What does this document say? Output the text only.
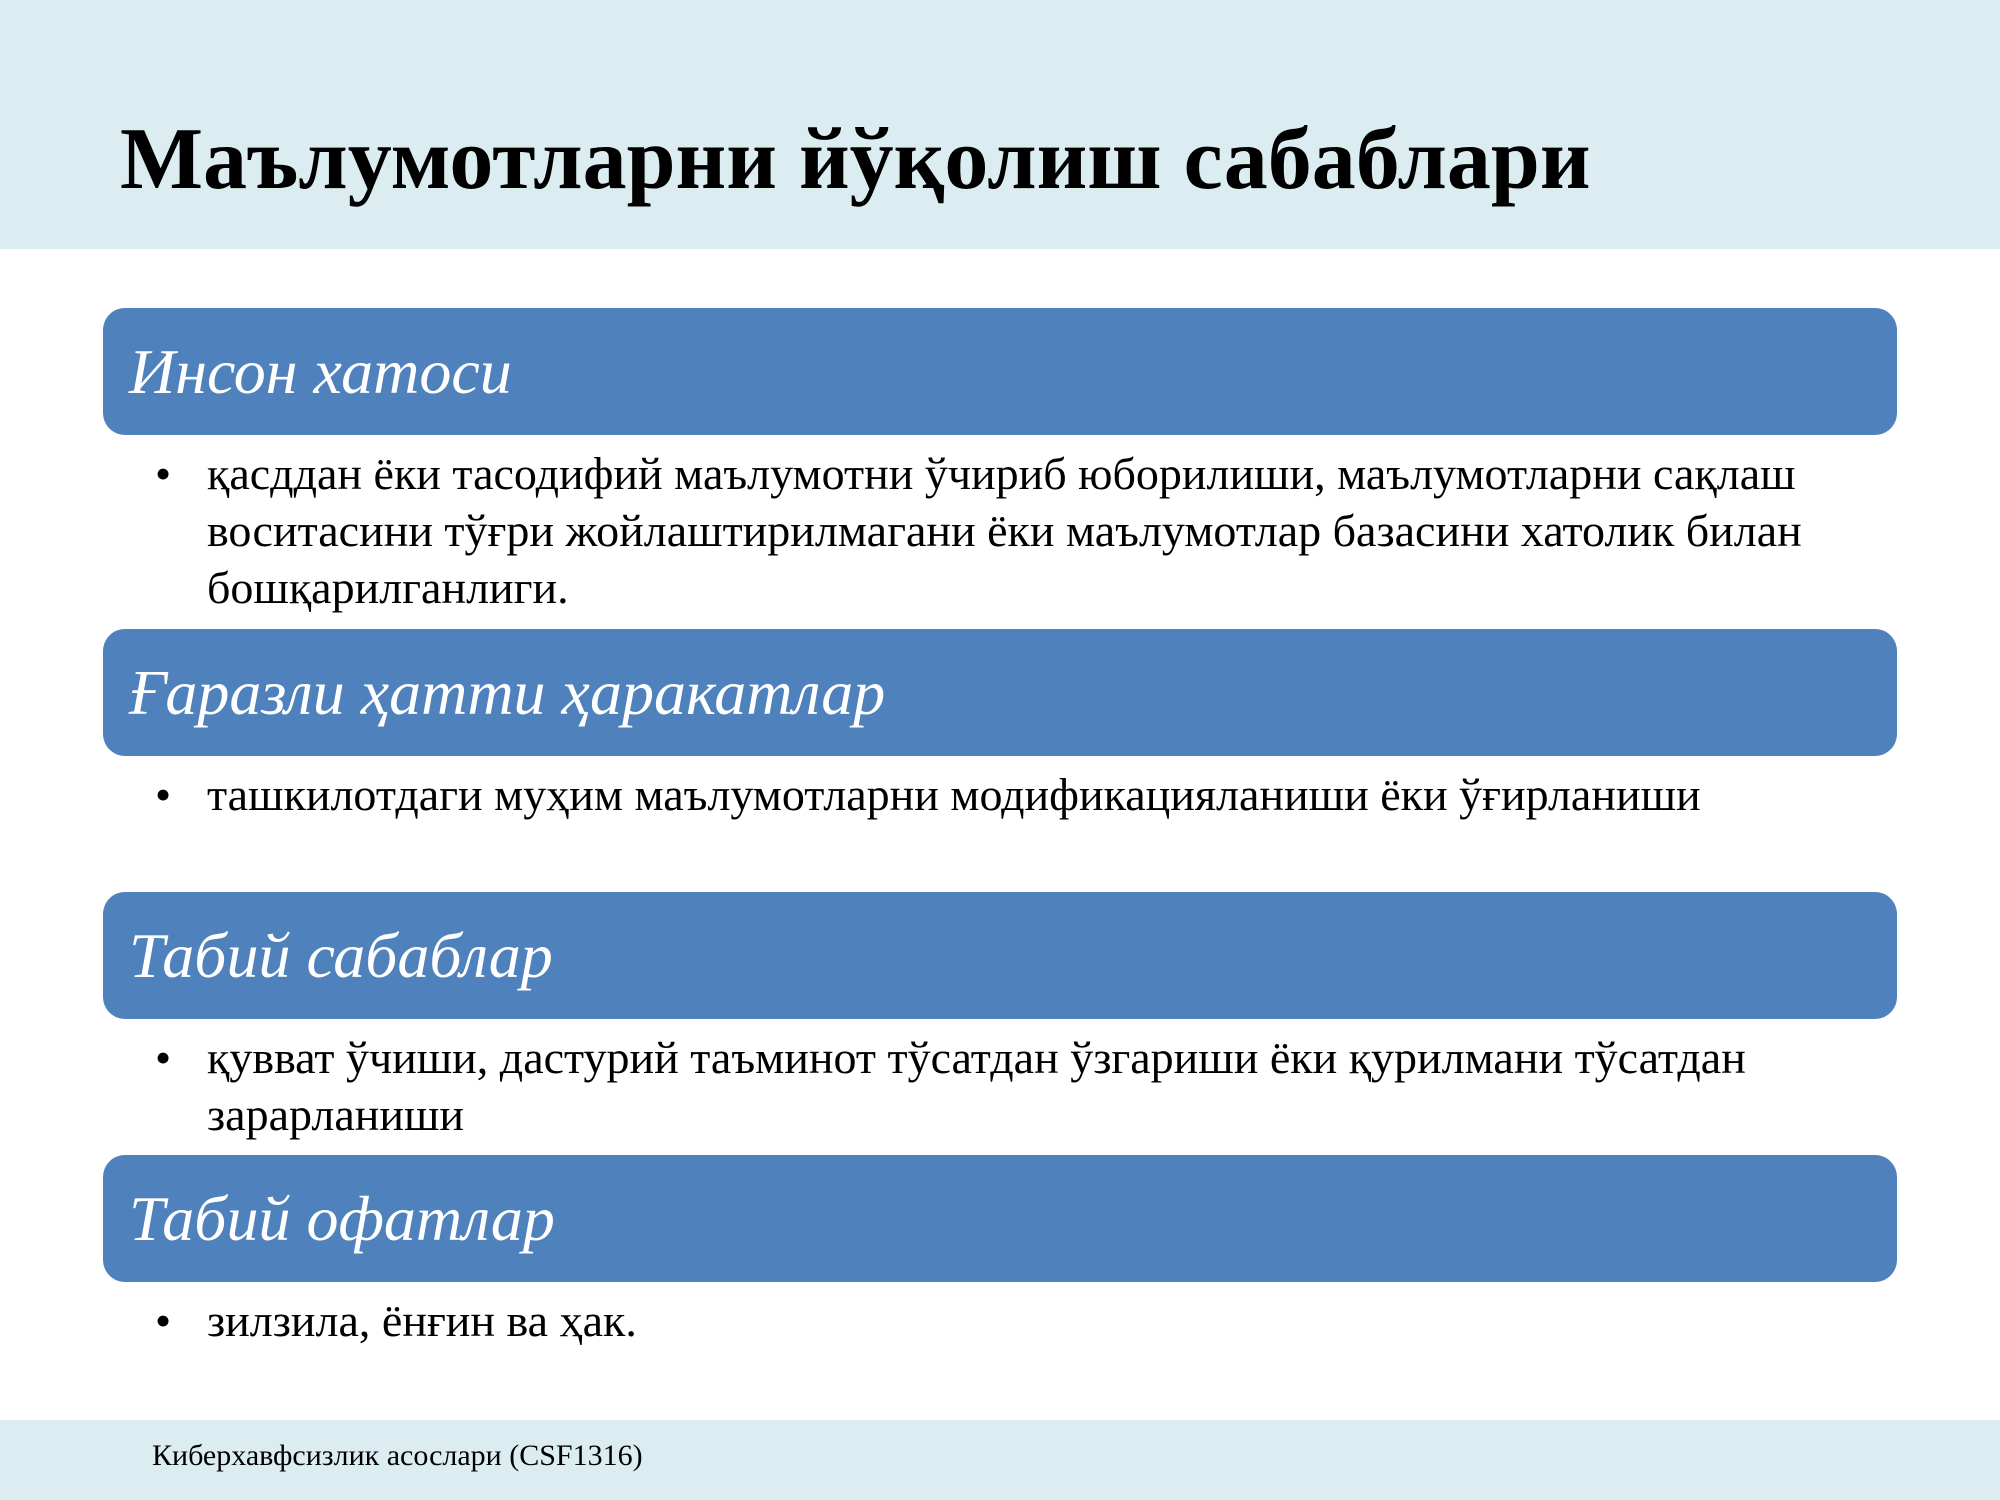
Маълумотларни йўқолиш сабаблари
Инсон хатоси
• қасддан ёки тасодифий маълумотни ўчириб юборилиши, маълумотларни сақлаш воситасини тўғри жойлаштирилмагани ёки маълумотлар базасини хатолик билан бошқарилганлиги.
Ғаразли ҳатти ҳаракатлар
• ташкилотдаги муҳим маълумотларни модификацияланиши ёки ўғирланиши
Табий сабаблар
• қувват ўчиши, дастурий таъминот тўсатдан ўзгариши ёки қурилмани тўсатдан зарарланиши
Табий офатлар
• зилзила, ёнғин ва ҳак.
Киберхавфсизлик асослари (CSF1316)
